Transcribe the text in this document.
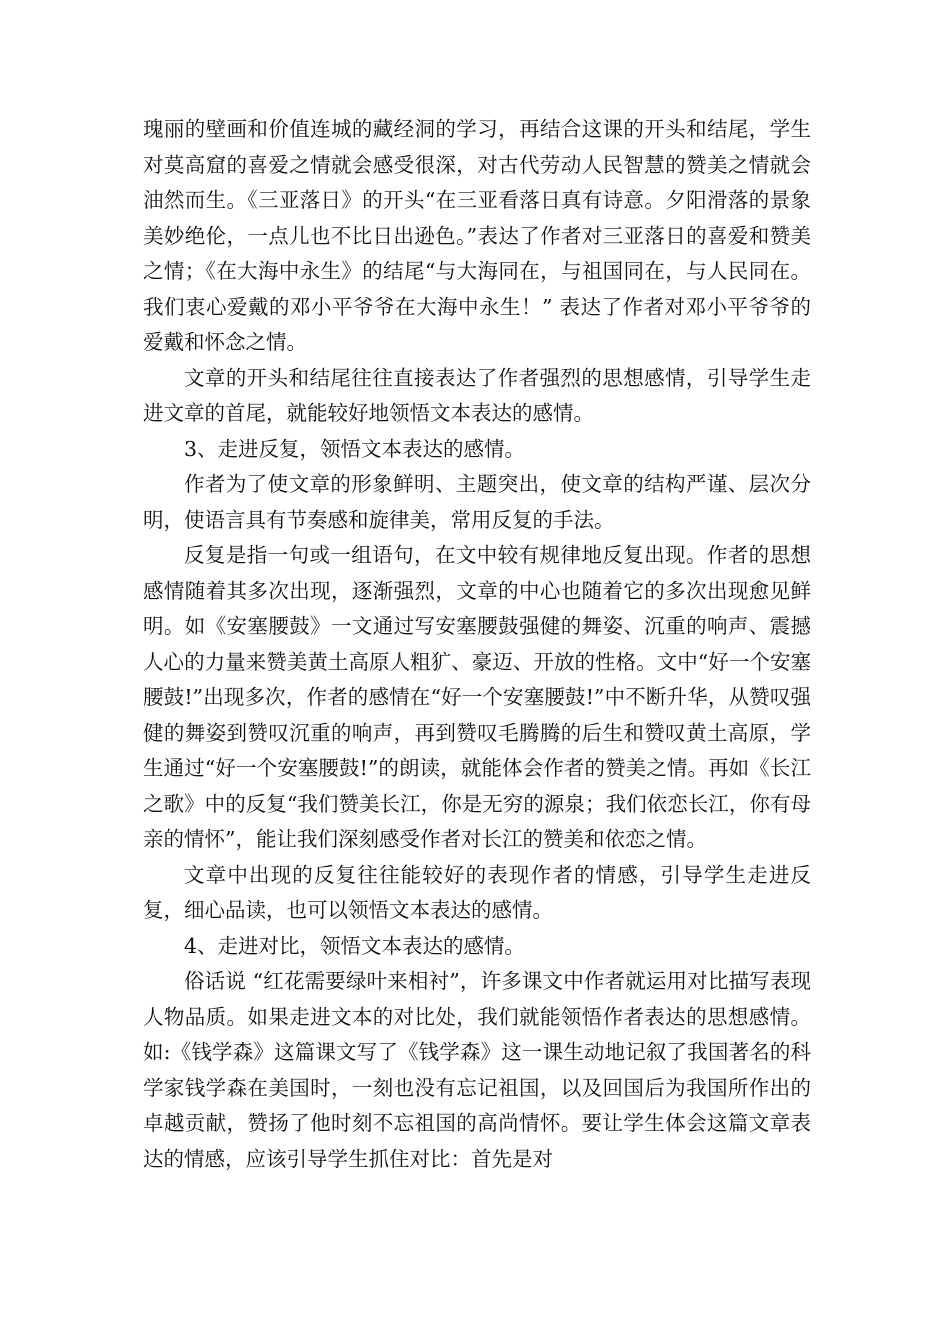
瑰丽的壁画和价值连城的藏经洞的学习，再结合这课的开头和结尾，学生对莫高窟的喜爱之情就会感受很深，对古代劳动人民智慧的赞美之情就会油然而生。《三亚落日》的开头“在三亚看落日真有诗意。夕阳滑落的景象美妙绝伦，一点儿也不比日出逊色。”表达了作者对三亚落日的喜爱和赞美之情；《在大海中永生》的结尾“与大海同在，与祖国同在，与人民同在。我们衷心爱戴的邓小平爷爷在大海中永生！” 表达了作者对邓小平爷爷的爱戴和怀念之情。

文章的开头和结尾往往直接表达了作者强烈的思想感情，引导学生走进文章的首尾，就能较好地领悟文本表达的感情。

3、走进反复，领悟文本表达的感情。

作者为了使文章的形象鲜明、主题突出，使文章的结构严谨、层次分明，使语言具有节奏感和旋律美，常用反复的手法。

反复是指一句或一组语句，在文中较有规律地反复出现。作者的思想感情随着其多次出现，逐渐强烈，文章的中心也随着它的多次出现愈见鲜明。如《安塞腰鼓》一文通过写安塞腰鼓强健的舞姿、沉重的响声、震撼人心的力量来赞美黄土高原人粗犷、豪迈、开放的性格。文中“好一个安塞腰鼓!”出现多次，作者的感情在“好一个安塞腰鼓!”中不断升华，从赞叹强健的舞姿到赞叹沉重的响声，再到赞叹毛腾腾的后生和赞叹黄土高原，学生通过“好一个安塞腰鼓!”的朗读，就能体会作者的赞美之情。再如《长江之歌》中的反复“我们赞美长江，你是无穷的源泉；我们依恋长江，你有母亲的情怀”，能让我们深刻感受作者对长江的赞美和依恋之情。

文章中出现的反复往往能较好的表现作者的情感，引导学生走进反复，细心品读，也可以领悟文本表达的感情。

4、走进对比，领悟文本表达的感情。

俗话说 “红花需要绿叶来相衬”，许多课文中作者就运用对比描写表现人物品质。如果走进文本的对比处，我们就能领悟作者表达的思想感情。如:《钱学森》这篇课文写了《钱学森》这一课生动地记叙了我国著名的科学家钱学森在美国时，一刻也没有忘记祖国，以及回国后为我国所作出的卓越贡献，赞扬了他时刻不忘祖国的高尚情怀。要让学生体会这篇文章表达的情感，应该引导学生抓住对比：首先是对
